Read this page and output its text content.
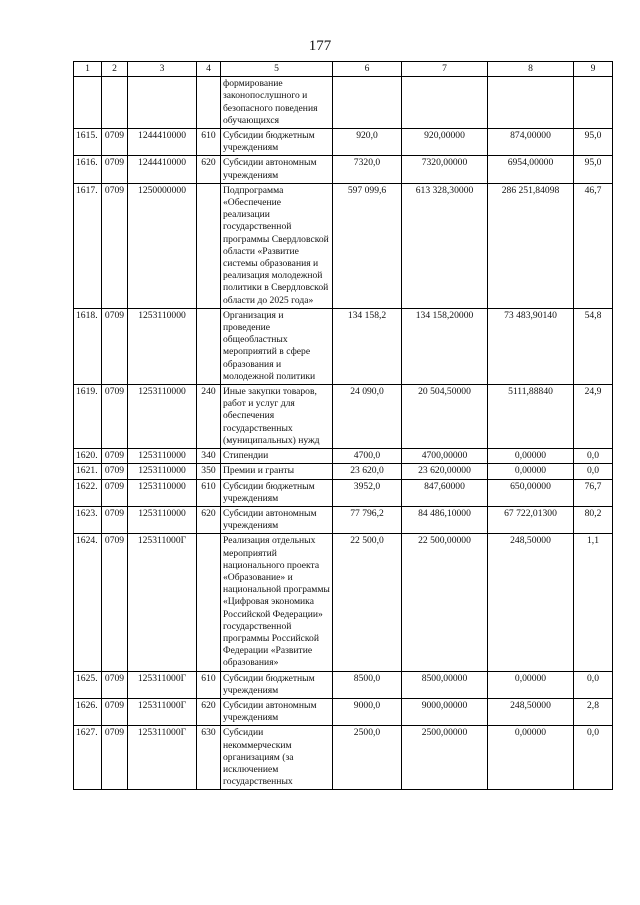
177
1	2	3	4	5	6	7	8	9
				формирование законопослушного и безопасного поведения обучающихся				
1615.	0709	1244410000	610	Субсидии бюджетным учреждениям	920,0	920,00000	874,00000	95,0
1616.	0709	1244410000	620	Субсидии автономным учреждениям	7320,0	7320,00000	6954,00000	95,0
1617.	0709	1250000000		Подпрограмма «Обеспечение реализации государственной программы Свердловской области «Развитие системы образования и реализация молодежной политики в Свердловской области до 2025 года»	597 099,6	613 328,30000	286 251,84098	46,7
1618.	0709	1253110000		Организация и проведение общеобластных мероприятий в сфере образования и молодежной политики	134 158,2	134 158,20000	73 483,90140	54,8
1619.	0709	1253110000	240	Иные закупки товаров, работ и услуг для обеспечения государственных (муниципальных) нужд	24 090,0	20 504,50000	5111,88840	24,9
1620.	0709	1253110000	340	Стипендии	4700,0	4700,00000	0,00000	0,0
1621.	0709	1253110000	350	Премии и гранты	23 620,0	23 620,00000	0,00000	0,0
1622.	0709	1253110000	610	Субсидии бюджетным учреждениям	3952,0	847,60000	650,00000	76,7
1623.	0709	1253110000	620	Субсидии автономным учреждениям	77 796,2	84 486,10000	67 722,01300	80,2
1624.	0709	125311000Г		Реализация отдельных мероприятий национального проекта «Образование» и национальной программы «Цифровая экономика Российской Федерации» государственной программы Российской Федерации «Развитие образования»	22 500,0	22 500,00000	248,50000	1,1
1625.	0709	125311000Г	610	Субсидии бюджетным учреждениям	8500,0	8500,00000	0,00000	0,0
1626.	0709	125311000Г	620	Субсидии автономным учреждениям	9000,0	9000,00000	248,50000	2,8
1627.	0709	125311000Г	630	Субсидии некоммерческим организациям (за исключением государственных	2500,0	2500,00000	0,00000	0,0
